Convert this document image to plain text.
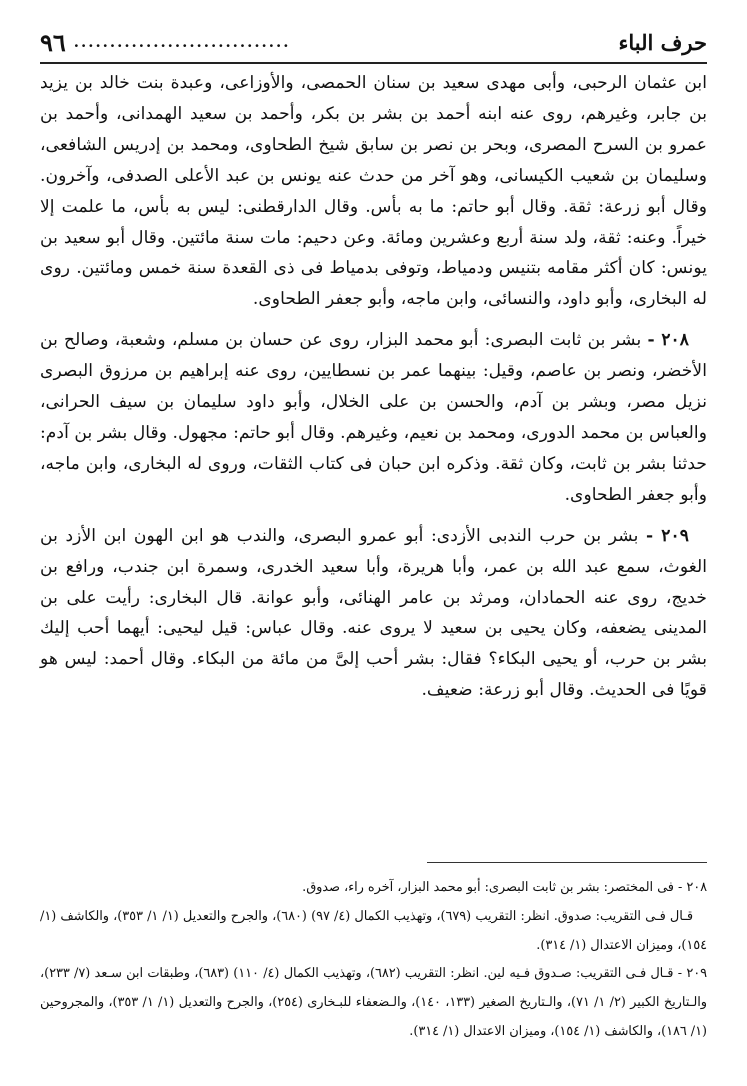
حرف الباء
..............................
٩٦

ابن عثمان الرحبى، وأبى مهدى سعيد بن سنان الحمصى، والأوزاعى، وعبدة بنت خالد بن يزيد بن جابر، وغيرهم، روى عنه ابنه أحمد بن بشر بن بكر، وأحمد بن سعيد الهمدانى، وأحمد بن عمرو بن السرح المصرى، وبحر بن نصر بن سابق شيخ الطحاوى، ومحمد بن إدريس الشافعى، وسليمان بن شعيب الكيسانى، وهو آخر من حدث عنه يونس بن عبد الأعلى الصدفى، وآخرون. وقال أبو زرعة: ثقة. وقال أبو حاتم: ما به بأس. وقال الدارقطنى: ليس به بأس، ما علمت إلا خيراً. وعنه: ثقة، ولد سنة أربع وعشرين ومائة. وعن دحيم: مات سنة مائتين. وقال أبو سعيد بن يونس: كان أكثر مقامه بتنيس ودمياط، وتوفى بدمياط فى ذى القعدة سنة خمس ومائتين. روى له البخارى، وأبو داود، والنسائى، وابن ماجه، وأبو جعفر الطحاوى.

٢٠٨ - بشر بن ثابت البصرى: أبو محمد البزار، روى عن حسان بن مسلم، وشعبة، وصالح بن الأخضر، ونصر بن عاصم، وقيل: بينهما عمر بن نسطايين، روى عنه إبراهيم بن مرزوق البصرى نزيل مصر، وبشر بن آدم، والحسن بن على الخلال، وأبو داود سليمان بن سيف الحرانى، والعباس بن محمد الدورى، ومحمد بن نعيم، وغيرهم. وقال أبو حاتم: مجهول. وقال بشر بن آدم: حدثنا بشر بن ثابت، وكان ثقة. وذكره ابن حبان فى كتاب الثقات، وروى له البخارى، وابن ماجه، وأبو جعفر الطحاوى.

٢٠٩ - بشر بن حرب الندبى الأزدى: أبو عمرو البصرى، والندب هو ابن الهون ابن الأزد بن الغوث، سمع عبد الله بن عمر، وأبا هريرة، وأبا سعيد الخدرى، وسمرة ابن جندب، ورافع بن خديج، روى عنه الحمادان، ومرثد بن عامر الهنائى، وأبو عوانة. قال البخارى: رأيت على بن المدينى يضعفه، وكان يحيى بن سعيد لا يروى عنه. وقال عباس: قيل ليحيى: أيهما أحب إليك بشر بن حرب، أو يحيى البكاء؟ فقال: بشر أحب إلىَّ من مائة من البكاء. وقال أحمد: ليس هو قويًا فى الحديث. وقال أبو زرعة: ضعيف.

٢٠٨ - فى المختصر: بشر بن ثابت البصرى: أبو محمد البزار، آخره راء، صدوق.

قـال فـى التقريب: صدوق. انظر: التقريب (٦٧٩)، وتهذيب الكمال (٤/ ٩٧) (٦٨٠)، والجرح والتعديل (١/ ١/ ٣٥٣)، والكاشف (١/ ١٥٤)، وميزان الاعتدال (١/ ٣١٤).

٢٠٩ - قـال فـى التقريب: صـدوق فـيه لين. انظر: التقريب (٦٨٢)، وتهذيب الكمال (٤/ ١١٠) (٦٨٣)، وطبقات ابن سـعد (٧/ ٢٣٣)، والـتاريخ الكبير (٢/ ١/ ٧١)، والـتاريخ الصغير (١٣٣، ١٤٠)، والـضعفاء للبـخارى (٢٥٤)، والجرح والتعديل (١/ ١/ ٣٥٣)، والمجروحين (١/ ١٨٦)، والكاشف (١/ ١٥٤)، وميزان الاعتدال (١/ ٣١٤).
